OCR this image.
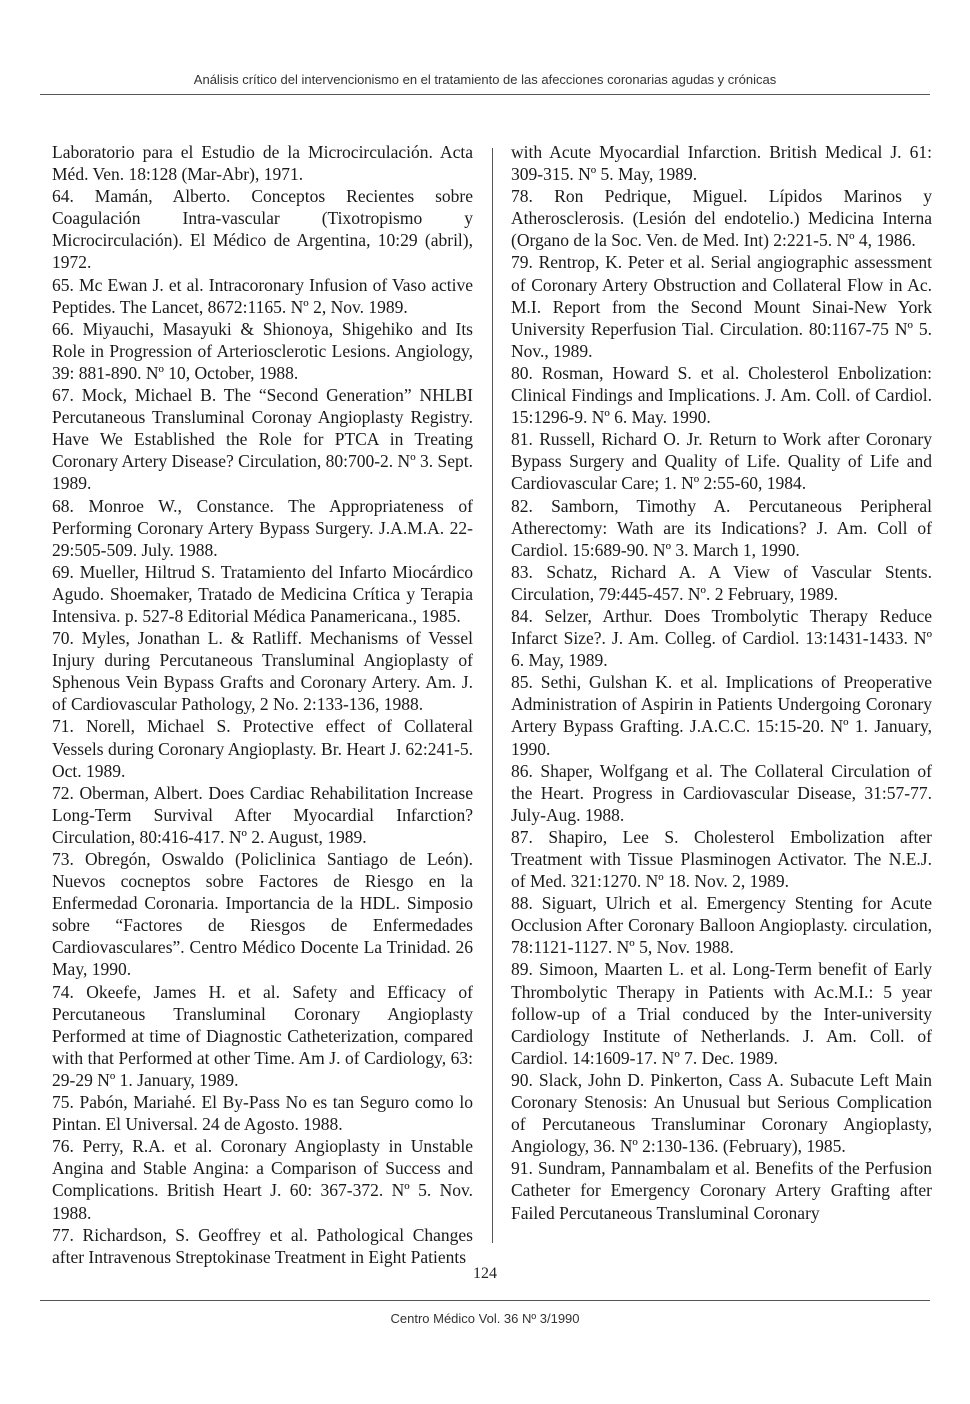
Análisis crítico del intervencionismo en el tratamiento de las afecciones coronarias agudas y crónicas

Laboratorio para el Estudio de la Microcirculación. Acta Méd. Ven. 18:128 (Mar-Abr), 1971.

64. Mamán, Alberto. Conceptos Recientes sobre Coagulación Intra-vascular (Tixotropismo y Microcirculación). El Médico de Argentina, 10:29 (abril), 1972.

65. Mc Ewan J. et al. Intracoronary Infusion of Vaso active Peptides. The Lancet, 8672:1165. Nº 2, Nov. 1989.

66. Miyauchi, Masayuki & Shionoya, Shigehiko and Its Role in Progression of Arteriosclerotic Lesions. Angiology, 39: 881-890. Nº 10, October, 1988.

67. Mock, Michael B. The “Second Generation” NHLBI Percutaneous Transluminal Coronay Angioplasty Registry. Have We Established the Role for PTCA in Treating Coronary Artery Disease? Circulation, 80:700-2. Nº 3. Sept. 1989.

68. Monroe W., Constance. The Appropriateness of Performing Coronary Artery Bypass Surgery. J.A.M.A. 22-29:505-509. July. 1988.

69. Mueller, Hiltrud S. Tratamiento del Infarto Miocárdico Agudo. Shoemaker, Tratado de Medicina Crítica y Terapia Intensiva. p. 527-8 Editorial Médica Panamericana., 1985.

70. Myles, Jonathan L. & Ratliff. Mechanisms of Vessel Injury during Percutaneous Transluminal Angioplasty of Sphenous Vein Bypass Grafts and Coronary Artery. Am. J. of Cardiovascular Pathology, 2 No. 2:133-136, 1988.

71. Norell, Michael S. Protective effect of Collateral Vessels during Coronary Angioplasty. Br. Heart J. 62:241-5. Oct. 1989.

72. Oberman, Albert. Does Cardiac Rehabilitation Increase Long-Term Survival After Myocardial Infarction? Circulation, 80:416-417. Nº 2. August, 1989.

73. Obregón, Oswaldo (Policlinica Santiago de León). Nuevos cocneptos sobre Factores de Riesgo en la Enfermedad Coronaria. Importancia de la HDL. Simposio sobre “Factores de Riesgos de Enfermedades Cardiovasculares”. Centro Médico Docente La Trinidad. 26 May, 1990.

74. Okeefe, James H. et al. Safety and Efficacy of Percutaneous Transluminal Coronary Angioplasty Performed at time of Diagnostic Catheterization, compared with that Performed at other Time. Am J. of Cardiology, 63: 29-29 Nº 1. January, 1989.

75. Pabón, Mariahé. El By-Pass No es tan Seguro como lo Pintan. El Universal. 24 de Agosto. 1988.

76. Perry, R.A. et al. Coronary Angioplasty in Unstable Angina and Stable Angina: a Comparison of Success and Complications. British Heart J. 60: 367-372. Nº 5. Nov. 1988.

77. Richardson, S. Geoffrey et al. Pathological Changes after Intravenous Streptokinase Treatment in Eight Patients

with Acute Myocardial Infarction. British Medical J. 61: 309-315. Nº 5. May, 1989.

78. Ron Pedrique, Miguel. Lípidos Marinos y Atherosclerosis. (Lesión del endotelio.) Medicina Interna (Organo de la Soc. Ven. de Med. Int) 2:221-5. Nº 4, 1986.

79. Rentrop, K. Peter et al. Serial angiographic assessment of Coronary Artery Obstruction and Collateral Flow in Ac. M.I. Report from the Second Mount Sinai-New York University Reperfusion Tial. Circulation. 80:1167-75 Nº 5. Nov., 1989.

80. Rosman, Howard S. et al. Cholesterol Enbolization: Clinical Findings and Implications. J. Am. Coll. of Cardiol. 15:1296-9. Nº 6. May. 1990.

81. Russell, Richard O. Jr. Return to Work after Coronary Bypass Surgery and Quality of Life. Quality of Life and Cardiovascular Care; 1. Nº 2:55-60, 1984.

82. Samborn, Timothy A. Percutaneous Peripheral Atherectomy: Wath are its Indications? J. Am. Coll of Cardiol. 15:689-90. Nº 3. March 1, 1990.

83. Schatz, Richard A. A View of Vascular Stents. Circulation, 79:445-457. Nº. 2 February, 1989.

84. Selzer, Arthur. Does Trombolytic Therapy Reduce Infarct Size?. J. Am. Colleg. of Cardiol. 13:1431-1433. Nº 6. May, 1989.

85. Sethi, Gulshan K. et al. Implications of Preoperative Administration of Aspirin in Patients Undergoing Coronary Artery Bypass Grafting. J.A.C.C. 15:15-20. Nº 1. January, 1990.

86. Shaper, Wolfgang et al. The Collateral Circulation of the Heart. Progress in Cardiovascular Disease, 31:57-77. July-Aug. 1988.

87. Shapiro, Lee S. Cholesterol Embolization after Treatment with Tissue Plasminogen Activator. The N.E.J. of Med. 321:1270. Nº 18. Nov. 2, 1989.

88. Siguart, Ulrich et al. Emergency Stenting for Acute Occlusion After Coronary Balloon Angioplasty. circulation, 78:1121-1127. Nº 5, Nov. 1988.

89. Simoon, Maarten L. et al. Long-Term benefit of Early Thrombolytic Therapy in Patients with Ac.M.I.: 5 year follow-up of a Trial conduced by the Inter-university Cardiology Institute of Netherlands. J. Am. Coll. of Cardiol. 14:1609-17. Nº 7. Dec. 1989.

90. Slack, John D. Pinkerton, Cass A. Subacute Left Main Coronary Stenosis: An Unusual but Serious Complication of Percutaneous Transluminar Coronary Angioplasty, Angiology, 36. Nº 2:130-136. (February), 1985.

91. Sundram, Pannambalam et al. Benefits of the Perfusion Catheter for Emergency Coronary Artery Grafting after Failed Percutaneous Transluminal Coronary

124
Centro Médico Vol. 36 Nº 3/1990
